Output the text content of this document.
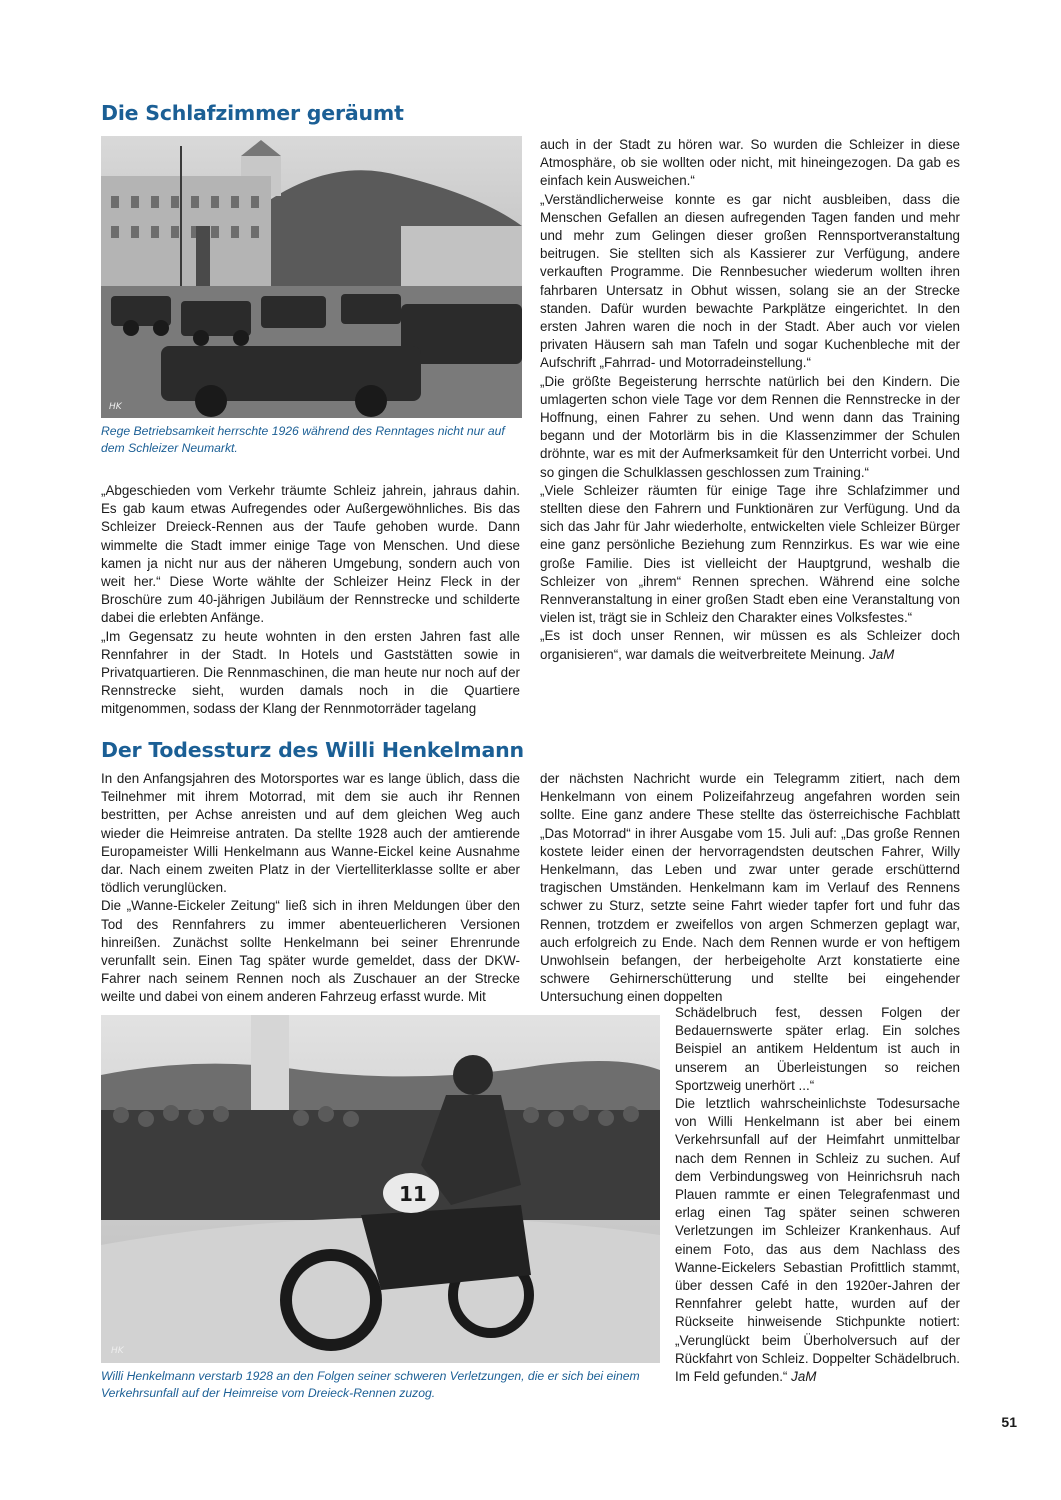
Die Schlafzimmer geräumt
HK
Rege Betriebsamkeit herrschte 1926 während des Renntages nicht nur auf dem Schleizer Neumarkt.

„Abgeschieden vom Verkehr träumte Schleiz jahrein, jahraus dahin. Es gab kaum etwas Aufregendes oder Außergewöhnliches. Bis das Schleizer Dreieck-Rennen aus der Taufe gehoben wurde. Dann wimmelte die Stadt immer einige Tage von Menschen. Und diese kamen ja nicht nur aus der näheren Umgebung, sondern auch von weit her.“ Diese Worte wählte der Schleizer Heinz Fleck in der Broschüre zum 40-jährigen Jubiläum der Rennstrecke und schilderte dabei die erlebten Anfänge.

„Im Gegensatz zu heute wohnten in den ersten Jahren fast alle Rennfahrer in der Stadt. In Hotels und Gaststätten sowie in Privatquartieren. Die Rennmaschinen, die man heute nur noch auf der Rennstrecke sieht, wurden damals noch in die Quartiere mitgenommen, sodass der Klang der Rennmotorräder tagelang

auch in der Stadt zu hören war. So wurden die Schleizer in diese Atmosphäre, ob sie wollten oder nicht, mit hineingezogen. Da gab es einfach kein Ausweichen.“

„Verständlicherweise konnte es gar nicht ausbleiben, dass die Menschen Gefallen an diesen aufregenden Tagen fanden und mehr und mehr zum Gelingen dieser großen Rennsportveranstaltung beitrugen. Sie stellten sich als Kassierer zur Verfügung, andere verkauften Programme. Die Rennbesucher wiederum wollten ihren fahrbaren Untersatz in Obhut wissen, solang sie an der Strecke standen. Dafür wurden bewachte Parkplätze eingerichtet. In den ersten Jahren waren die noch in der Stadt. Aber auch vor vielen privaten Häusern sah man Tafeln und sogar Kuchenbleche mit der Aufschrift „Fahrrad- und Motorradeinstellung.“

„Die größte Begeisterung herrschte natürlich bei den Kindern. Die umlagerten schon viele Tage vor dem Rennen die Rennstrecke in der Hoffnung, einen Fahrer zu sehen. Und wenn dann das Training begann und der Motorlärm bis in die Klassenzimmer der Schulen dröhnte, war es mit der Aufmerksamkeit für den Unterricht vorbei. Und so gingen die Schulklassen geschlossen zum Training.“

„Viele Schleizer räumten für einige Tage ihre Schlafzimmer und stellten diese den Fahrern und Funktionären zur Verfügung. Und da sich das Jahr für Jahr wiederholte, entwickelten viele Schleizer Bürger eine ganz persönliche Beziehung zum Rennzirkus. Es war wie eine große Familie. Dies ist vielleicht der Hauptgrund, weshalb die Schleizer von „ihrem“ Rennen sprechen. Während eine solche Rennveranstaltung in einer großen Stadt eben eine Veranstaltung von vielen ist, trägt sie in Schleiz den Charakter eines Volksfestes.“

„Es ist doch unser Rennen, wir müssen es als Schleizer doch organisieren“, war damals die weitverbreitete Meinung. JaM

Der Todessturz des Willi Henkelmann

In den Anfangsjahren des Motorsportes war es lange üblich, dass die Teilnehmer mit ihrem Motorrad, mit dem sie auch ihr Rennen bestritten, per Achse anreisten und auf dem gleichen Weg auch wieder die Heimreise antraten. Da stellte 1928 auch der amtierende Europameister Willi Henkelmann aus Wanne-Eickel keine Ausnahme dar. Nach einem zweiten Platz in der Viertelliterklasse sollte er aber tödlich verunglücken.

Die „Wanne-Eickeler Zeitung“ ließ sich in ihren Meldungen über den Tod des Rennfahrers zu immer abenteuerlicheren Versionen hinreißen. Zunächst sollte Henkelmann bei seiner Ehrenrunde verunfallt sein. Einen Tag später wurde gemeldet, dass der DKW-Fahrer nach seinem Rennen noch als Zuschauer an der Strecke weilte und dabei von einem anderen Fahrzeug erfasst wurde. Mit

der nächsten Nachricht wurde ein Telegramm zitiert, nach dem Henkelmann von einem Polizeifahrzeug angefahren worden sein sollte. Eine ganz andere These stellte das österreichische Fachblatt „Das Motorrad“ in ihrer Ausgabe vom 15. Juli auf: „Das große Rennen kostete leider einen der hervorragendsten deutschen Fahrer, Willy Henkelmann, das Leben und zwar unter gerade erschütternd tragischen Umständen. Henkelmann kam im Verlauf des Rennens schwer zu Sturz, setzte seine Fahrt wieder tapfer fort und fuhr das Rennen, trotzdem er zweifellos von argen Schmerzen geplagt war, auch erfolgreich zu Ende. Nach dem Rennen wurde er von heftigem Unwohlsein befangen, der herbeigeholte Arzt konstatierte eine schwere Gehirnerschütterung und stellte bei eingehender Untersuchung einen doppelten

11
HK
Willi Henkelmann verstarb 1928 an den Folgen seiner schweren Verletzungen, die er sich bei einem Verkehrsunfall auf der Heimreise vom Dreieck-Rennen zuzog.

Schädelbruch fest, dessen Folgen der Bedauernswerte später erlag. Ein solches Beispiel an antikem Heldentum ist auch in unserem an Überleistungen so reichen Sportzweig unerhört ...“

Die letztlich wahrscheinlichste Todesursache von Willi Henkelmann ist aber bei einem Verkehrsunfall auf der Heimfahrt unmittelbar nach dem Rennen in Schleiz zu suchen. Auf dem Verbindungsweg von Heinrichsruh nach Plauen rammte er einen Telegrafenmast und erlag einen Tag später seinen schweren Verletzungen im Schleizer Krankenhaus. Auf einem Foto, das aus dem Nachlass des Wanne-Eickelers Sebastian Profittlich stammt, über dessen Café in den 1920er-Jahren der Rennfahrer gelebt hatte, wurden auf der Rückseite hinweisende Stichpunkte notiert: „Verunglückt beim Überholversuch auf der Rückfahrt von Schleiz. Doppelter Schädelbruch. Im Feld gefunden.“ JaM

51
